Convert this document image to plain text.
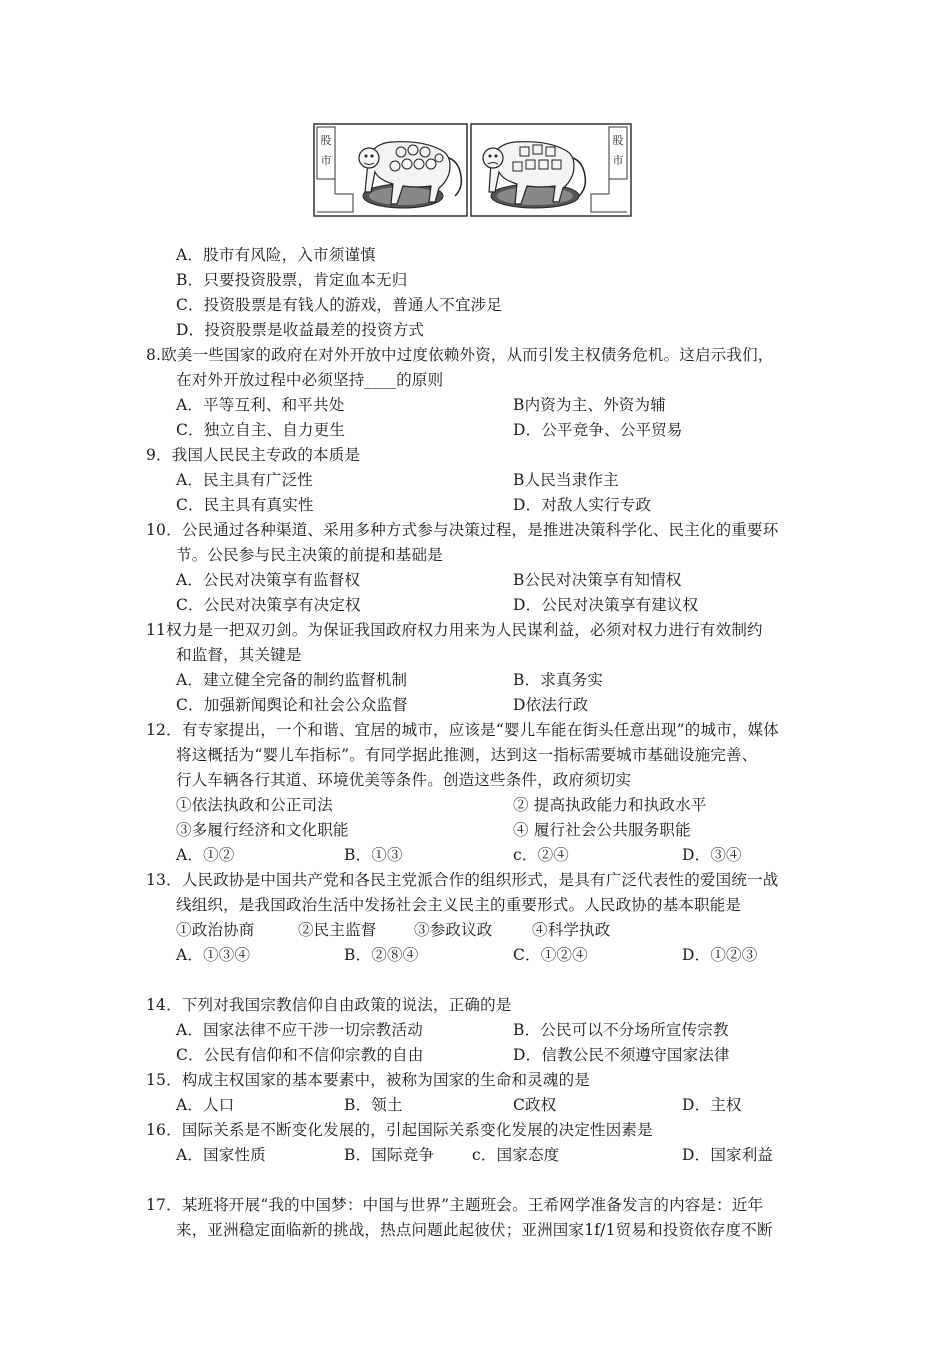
股市
股市
A．股市有风险，入市须谨慎
B．只要投资股票，肯定血本无归
C．投资股票是有钱人的游戏，普通人不宜涉足
D．投资股票是收益最差的投资方式
8.欧美一些国家的政府在对外开放中过度依赖外资，从而引发主权债务危机。这启示我们，
在对外开放过程中必须坚持____的原则
A．平等互利、和平共处	B内资为主、外资为辅
C．独立自主、自力更生	D．公平竞争、公平贸易
9．我国人民民主专政的本质是
A．民主具有广泛性	B人民当隶作主
C．民主具有真实性	D．对敌人实行专政
10．公民通过各种渠道、采用多种方式参与决策过程，是推进决策科学化、民主化的重要环
节。公民参与民主决策的前提和基础是
A．公民对决策享有监督权	B公民对决策享有知情权
C．公民对决策享有决定权	D．公民对决策享有建议权
11权力是一把双刃剑。为保证我国政府权力用来为人民谋利益，必须对权力进行有效制约
和监督，其关键是
A．建立健全完备的制约监督机制	B．求真务实
C．加强新闻舆论和社会公众监督	D依法行政
12．有专家提出，一个和谐、宜居的城市，应该是“婴儿车能在街头任意出现”的城市，媒体
将这概括为“婴儿车指标”。有同学据此推测，达到这一指标需要城市基础设施完善、
行人车辆各行其道、环境优美等条件。创造这些条件，政府须切实
①依法执政和公正司法	② 提高执政能力和执政水平
③多履行经济和文化职能	④ 履行社会公共服务职能
A．①②	B．①③	c．②④	D．③④
13．人民政协是中国共产党和各民主党派合作的组织形式，是具有广泛代表性的爱国统一战
线组织，是我国政治生活中发扬社会主义民主的重要形式。人民政协的基本职能是
①政治协商	②民主监督 ③参政议政	④科学执政
A．①③④	B．②⑧④	C．①②④	D．①②③
14．下列对我国宗教信仰自由政策的说法，正确的是
A．国家法律不应干涉一切宗教活动	B．公民可以不分场所宣传宗教
C．公民有信仰和不信仰宗教的自由	D．信教公民不须遵守国家法律
15．构成主权国家的基本要素中，被称为国家的生命和灵魂的是
A．人口	B．领土	C政权	D．主权
16．国际关系是不断变化发展的，引起国际关系变化发展的决定性因素是
A．国家性质	B．国际竞争 c．国家态度	D．国家利益
17．某班将开展“我的中国梦：中国与世界”主题班会。王希网学准备发言的内容是：近年
来，亚洲稳定面临新的挑战，热点问题此起彼伏；亚洲国家1f/1贸易和投资依存度不断
